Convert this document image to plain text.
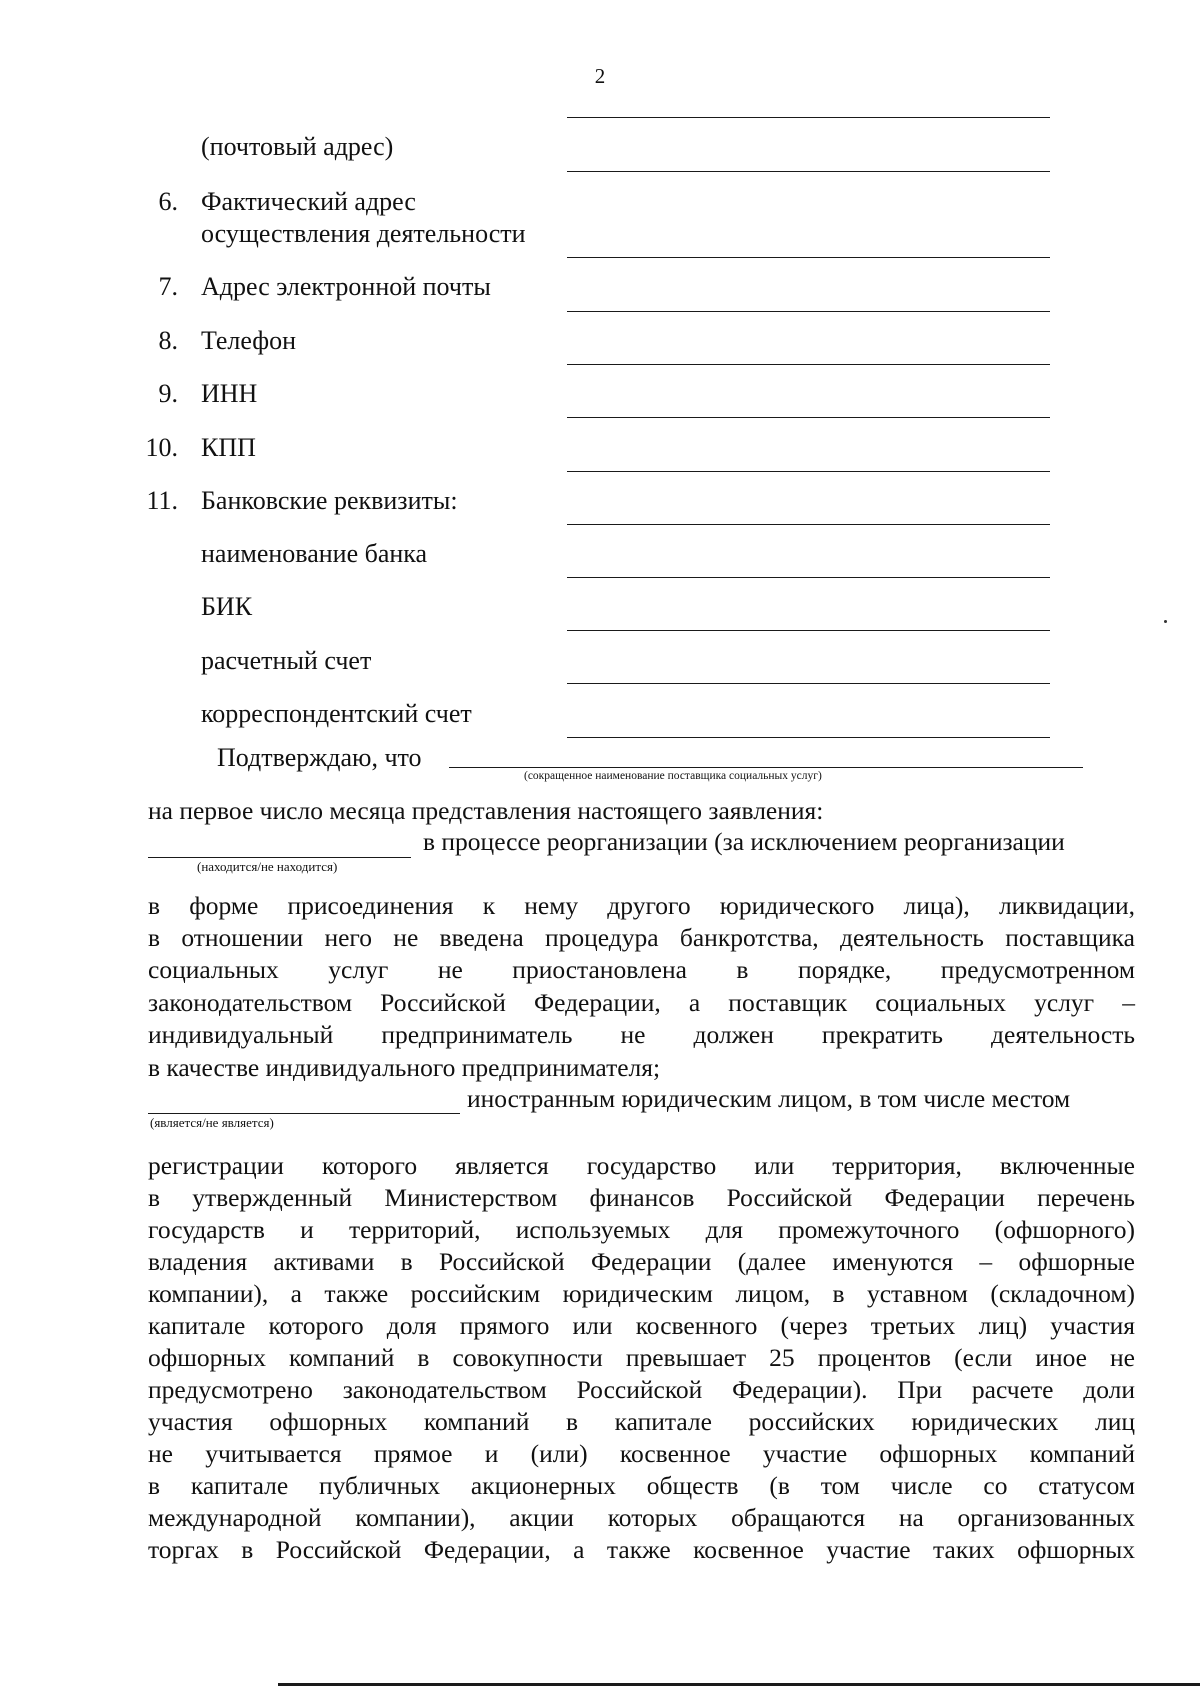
2
(почтовый адрес)
6. Фактический адрес
осуществления деятельности
7. Адрес электронной почты
8. Телефон
9. ИНН
10. КПП
11. Банковские реквизиты:
наименование банка
БИК
расчетный счет
корреспондентский счет
Подтверждаю, что
(сокращенное наименование поставщика социальных услуг)
на первое число месяца представления настоящего заявления:
в процессе реорганизации (за исключением реорганизации
(находится/не находится)
в форме присоединения к нему другого юридического лица), ликвидации,
в отношении него не введена процедура банкротства, деятельность поставщика
социальных услуг не приостановлена в порядке, предусмотренном
законодательством Российской Федерации, а поставщик социальных услуг –
индивидуальный предприниматель не должен прекратить деятельность
в качестве индивидуального предпринимателя;
иностранным юридическим лицом, в том числе местом
(является/не является)
регистрации которого является государство или территория, включенные
в утвержденный Министерством финансов Российской Федерации перечень
государств и территорий, используемых для промежуточного (офшорного)
владения активами в Российской Федерации (далее именуются – офшорные
компании), а также российским юридическим лицом, в уставном (складочном)
капитале которого доля прямого или косвенного (через третьих лиц) участия
офшорных компаний в совокупности превышает 25 процентов (если иное не
предусмотрено законодательством Российской Федерации). При расчете доли
участия офшорных компаний в капитале российских юридических лиц
не учитывается прямое и (или) косвенное участие офшорных компаний
в капитале публичных акционерных обществ (в том числе со статусом
международной компании), акции которых обращаются на организованных
торгах в Российской Федерации, а также косвенное участие таких офшорных
